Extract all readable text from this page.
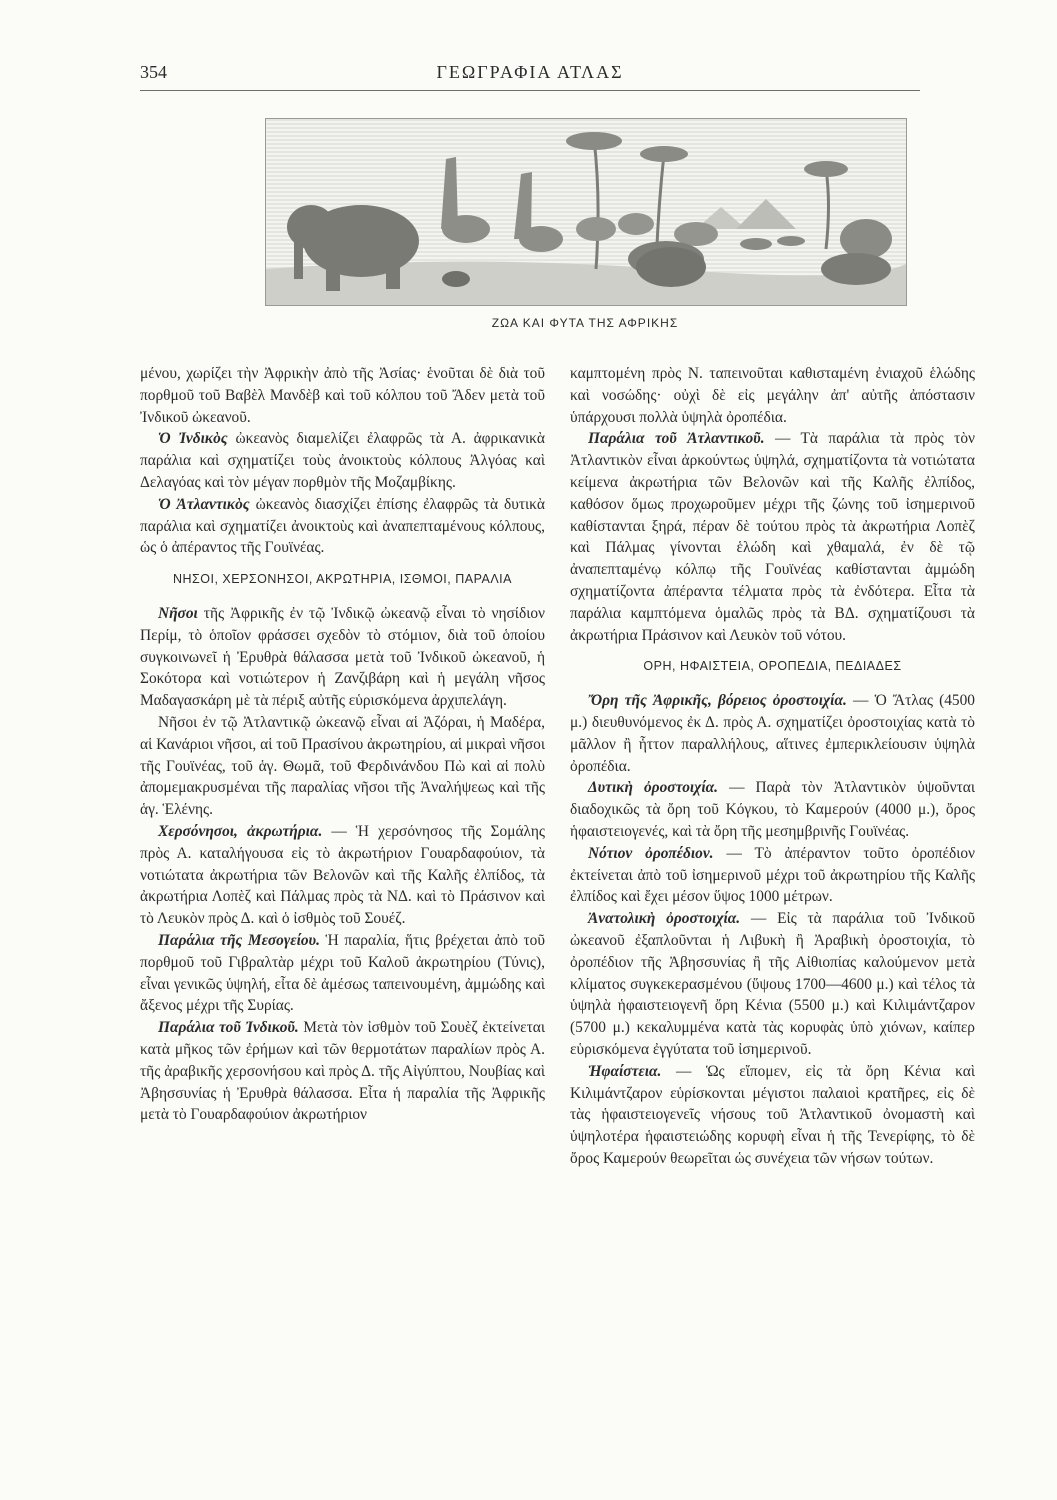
354	ΓΕΩΓΡΑΦΙΑ ΑΤΛΑΣ
ΖΩΑ ΚΑΙ ΦΥΤΑ ΤΗΣ ΑΦΡΙΚΗΣ

μένου, χωρίζει τὴν Ἀφρικὴν ἀπὸ τῆς Ἀσίας· ἑνοῦται δὲ διὰ τοῦ πορθμοῦ τοῦ Βαβὲλ Μανδὲβ καὶ τοῦ κόλπου τοῦ Ἄδεν μετὰ τοῦ Ἰνδικοῦ ὠκεανοῦ.

Ὁ Ἰνδικὸς ὠκεανὸς διαμελίζει ἐλαφρῶς τὰ Α. ἀφρικανικὰ παράλια καὶ σχηματίζει τοὺς ἀνοικτοὺς κόλπους Ἀλγόας καὶ Δελαγόας καὶ τὸν μέγαν πορθμὸν τῆς Μοζαμβίκης.

Ὁ Ἀτλαντικὸς ὠκεανὸς διασχίζει ἐπίσης ἐλαφρῶς τὰ δυτικὰ παράλια καὶ σχηματίζει ἀνοικτοὺς καὶ ἀναπεπταμένους κόλπους, ὡς ὁ ἀπέραντος τῆς Γουϊνέας.

ΝΗΣΟΙ, ΧΕΡΣΟΝΗΣΟΙ, ΑΚΡΩΤΗΡΙΑ, ΙΣΘΜΟΙ, ΠΑΡΑΛΙΑ

Νῆσοι τῆς Ἀφρικῆς ἐν τῷ Ἰνδικῷ ὠκεανῷ εἶναι τὸ νησίδιον Περίμ, τὸ ὁποῖον φράσσει σχεδὸν τὸ στόμιον, διὰ τοῦ ὁποίου συγκοινωνεῖ ἡ Ἐρυθρὰ θάλασσα μετὰ τοῦ Ἰνδικοῦ ὠκεανοῦ, ἡ Σοκότορα καὶ νοτιώτερον ἡ Ζανζιβάρη καὶ ἡ μεγάλη νῆσος Μαδαγασκάρη μὲ τὰ πέριξ αὐτῆς εὑρισκόμενα ἀρχιπελάγη.

Νῆσοι ἐν τῷ Ἀτλαντικῷ ὠκεανῷ εἶναι αἱ Ἀζόραι, ἡ Μαδέρα, αἱ Κανάριοι νῆσοι, αἱ τοῦ Πρασίνου ἀκρωτηρίου, αἱ μικραὶ νῆσοι τῆς Γουϊνέας, τοῦ ἁγ. Θωμᾶ, τοῦ Φερδινάνδου Πὼ καὶ αἱ πολὺ ἀπομεμακρυσμέναι τῆς παραλίας νῆσοι τῆς Ἀναλήψεως καὶ τῆς ἁγ. Ἑλένης.

Χερσόνησοι, ἀκρωτήρια. — Ἡ χερσόνησος τῆς Σομάλης πρὸς Α. καταλήγουσα εἰς τὸ ἀκρωτήριον Γουαρδαφούιον, τὰ νοτιώτατα ἀκρωτήρια τῶν Βελονῶν καὶ τῆς Καλῆς ἐλπίδος, τὰ ἀκρωτήρια Λοπὲζ καὶ Πάλμας πρὸς τὰ ΝΔ. καὶ τὸ Πράσινον καὶ τὸ Λευκὸν πρὸς Δ. καὶ ὁ ἰσθμὸς τοῦ Σουέζ.

Παράλια τῆς Μεσογείου. Ἡ παραλία, ἥτις βρέχεται ἀπὸ τοῦ πορθμοῦ τοῦ Γιβραλτὰρ μέχρι τοῦ Καλοῦ ἀκρωτηρίου (Τύνις), εἶναι γενικῶς ὑψηλή, εἶτα δὲ ἀμέσως ταπεινουμένη, ἀμμώδης καὶ ἄξενος μέχρι τῆς Συρίας.

Παράλια τοῦ Ἰνδικοῦ. Μετὰ τὸν ἰσθμὸν τοῦ Σουὲζ ἐκτείνεται κατὰ μῆκος τῶν ἐρήμων καὶ τῶν θερμοτάτων παραλίων πρὸς Α. τῆς ἀραβικῆς χερσονήσου καὶ πρὸς Δ. τῆς Αἰγύπτου, Νουβίας καὶ Ἀβησσυνίας ἡ Ἐρυθρὰ θάλασσα. Εἶτα ἡ παραλία τῆς Ἀφρικῆς μετὰ τὸ Γουαρδαφούιον ἀκρωτήριον

καμπτομένη πρὸς Ν. ταπεινοῦται καθισταμένη ἐνιαχοῦ ἑλώδης καὶ νοσώδης· οὐχὶ δὲ εἰς μεγάλην ἀπ' αὐτῆς ἀπόστασιν ὑπάρχουσι πολλὰ ὑψηλὰ ὀροπέδια.

Παράλια τοῦ Ἀτλαντικοῦ. — Τὰ παράλια τὰ πρὸς τὸν Ἀτλαντικὸν εἶναι ἀρκούντως ὑψηλά, σχηματίζοντα τὰ νοτιώτατα κείμενα ἀκρωτήρια τῶν Βελονῶν καὶ τῆς Καλῆς ἐλπίδος, καθόσον ὅμως προχωροῦμεν μέχρι τῆς ζώνης τοῦ ἰσημερινοῦ καθίστανται ξηρά, πέραν δὲ τούτου πρὸς τὰ ἀκρωτήρια Λοπὲζ καὶ Πάλμας γίνονται ἑλώδη καὶ χθαμαλά, ἐν δὲ τῷ ἀναπεπταμένῳ κόλπῳ τῆς Γουϊνέας καθίστανται ἀμμώδη σχηματίζοντα ἀπέραντα τέλματα πρὸς τὰ ἐνδότερα. Εἶτα τὰ παράλια καμπτόμενα ὁμαλῶς πρὸς τὰ ΒΔ. σχηματίζουσι τὰ ἀκρωτήρια Πράσινον καὶ Λευκὸν τοῦ νότου.

ΟΡΗ, ΗΦΑΙΣΤΕΙΑ, ΟΡΟΠΕΔΙΑ, ΠΕΔΙΑΔΕΣ

Ὄρη τῆς Ἀφρικῆς, βόρειος ὀροστοιχία. — Ὁ Ἄτλας (4500 μ.) διευθυνόμενος ἐκ Δ. πρὸς Α. σχηματίζει ὀροστοιχίας κατὰ τὸ μᾶλλον ἢ ἧττον παραλλήλους, αἵτινες ἐμπερικλείουσιν ὑψηλὰ ὀροπέδια.

Δυτικὴ ὀροστοιχία. — Παρὰ τὸν Ἀτλαντικὸν ὑψοῦνται διαδοχικῶς τὰ ὄρη τοῦ Κόγκου, τὸ Καμερούν (4000 μ.), ὄρος ἡφαιστειογενές, καὶ τὰ ὄρη τῆς μεσημβρινῆς Γουϊνέας.

Νότιον ὀροπέδιον. — Τὸ ἀπέραντον τοῦτο ὀροπέδιον ἐκτείνεται ἀπὸ τοῦ ἰσημερινοῦ μέχρι τοῦ ἀκρωτηρίου τῆς Καλῆς ἐλπίδος καὶ ἔχει μέσον ὕψος 1000 μέτρων.

Ἀνατολικὴ ὀροστοιχία. — Εἰς τὰ παράλια τοῦ Ἰνδικοῦ ὠκεανοῦ ἐξαπλοῦνται ἡ Λιβυκὴ ἢ Ἀραβικὴ ὀροστοιχία, τὸ ὀροπέδιον τῆς Ἀβησσυνίας ἢ τῆς Αἰθιοπίας καλούμενον μετὰ κλίματος συγκεκερασμένου (ὕψους 1700—4600 μ.) καὶ τέλος τὰ ὑψηλὰ ἡφαιστειογενῆ ὄρη Κένια (5500 μ.) καὶ Κιλιμάντζαρον (5700 μ.) κεκαλυμμένα κατὰ τὰς κορυφὰς ὑπὸ χιόνων, καίπερ εὑρισκόμενα ἐγγύτατα τοῦ ἰσημερινοῦ.

Ἡφαίστεια. — Ὡς εἴπομεν, εἰς τὰ ὄρη Κένια καὶ Κιλιμάντζαρον εὑρίσκονται μέγιστοι παλαιοὶ κρατῆρες, εἰς δὲ τὰς ἡφαιστειογενεῖς νήσους τοῦ Ἀτλαντικοῦ ὀνομαστὴ καὶ ὑψηλοτέρα ἡφαιστειώδης κορυφὴ εἶναι ἡ τῆς Τενερίφης, τὸ δὲ ὄρος Καμερούν θεωρεῖται ὡς συνέχεια τῶν νήσων τούτων.
